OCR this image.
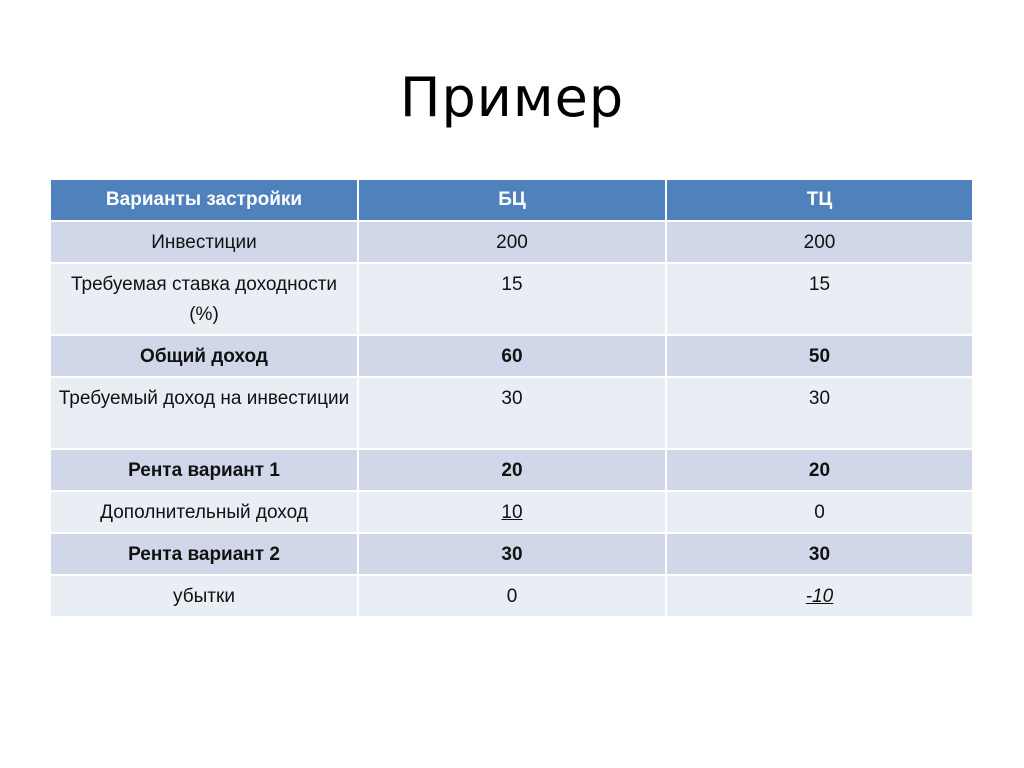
Пример
Варианты застройки	БЦ	ТЦ
Инвестиции	200	200
Требуемая ставка доходности (%)	15	15
Общий доход	60	50
Требуемый доход на инвестиции	30	30
Рента вариант 1	20	20
Дополнительный доход	10	0
Рента вариант 2	30	30
убытки	0	-10
